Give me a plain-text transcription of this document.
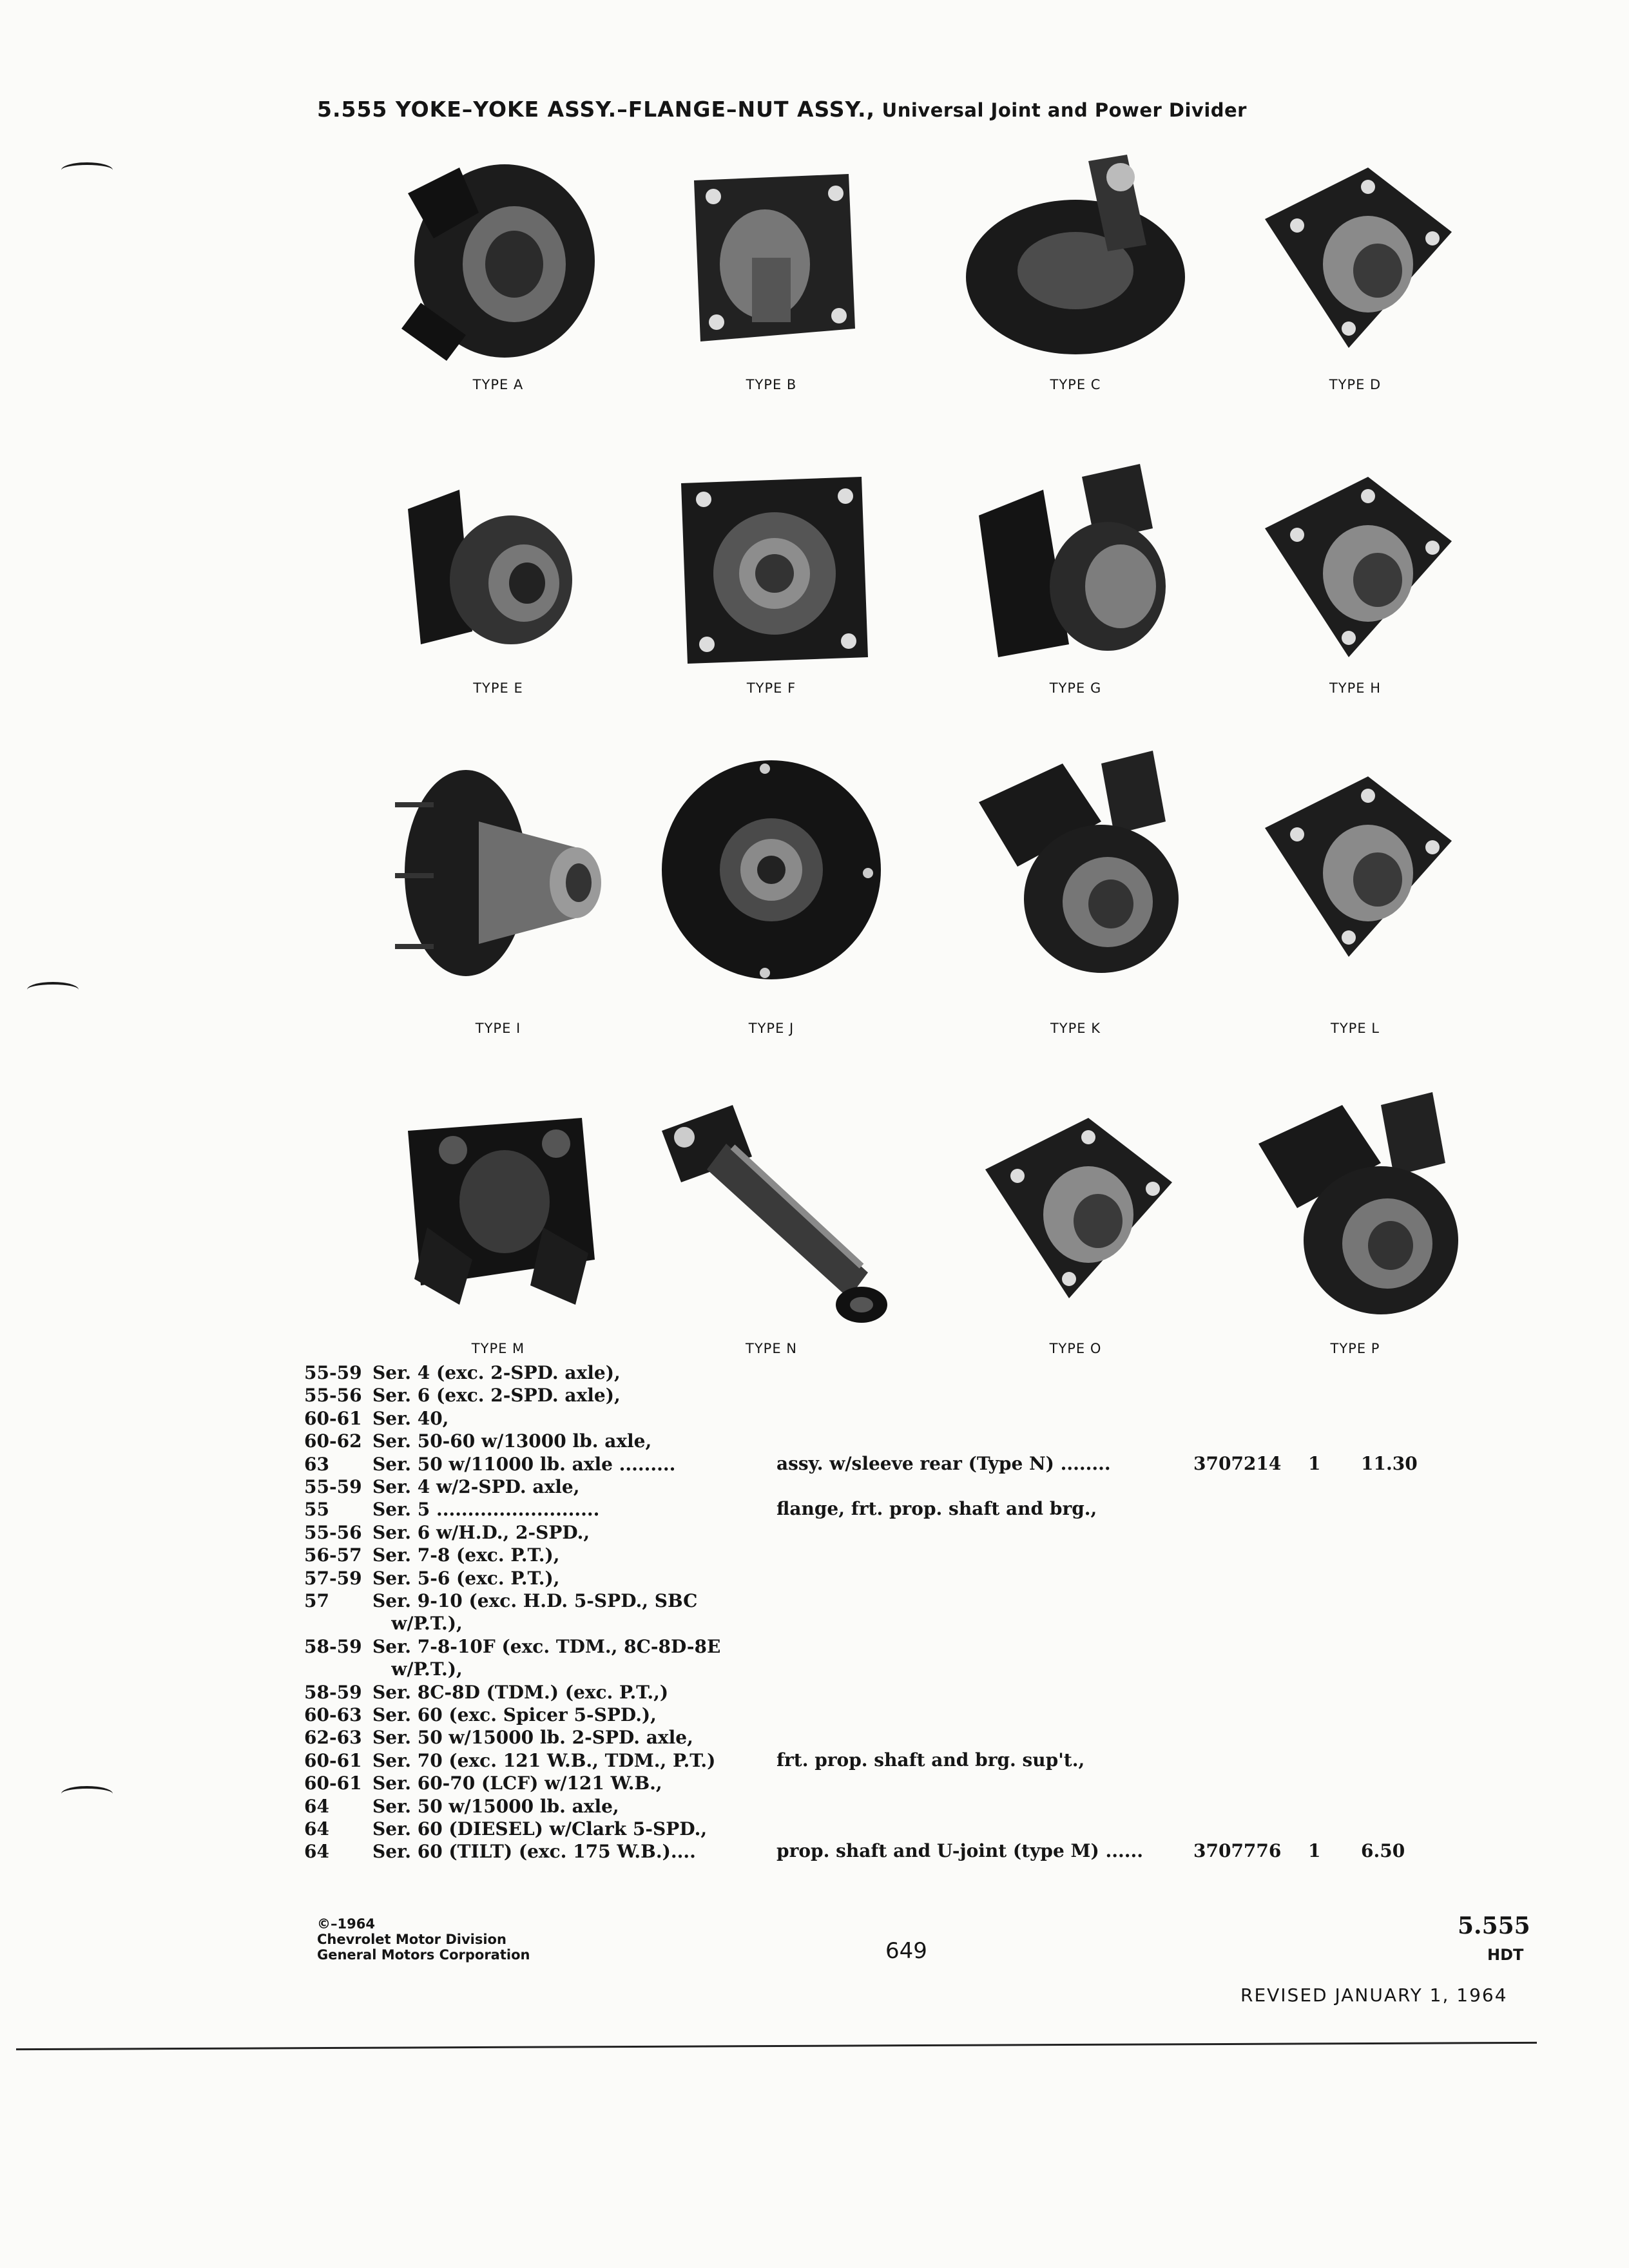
5.555 YOKE–YOKE ASSY.–FLANGE–NUT ASSY., Universal Joint and Power Divider
TYPE A	TYPE B	TYPE C	TYPE D
TYPE E	TYPE F	TYPE G	TYPE H
TYPE I	TYPE J	TYPE K	TYPE L
TYPE M	TYPE N	TYPE O	TYPE P
55-59 Ser. 4 (exc. 2-SPD. axle),
55-56 Ser. 6 (exc. 2-SPD. axle),
60-61 Ser. 40,
60-62 Ser. 50-60 w/13000 lb. axle,
63 Ser. 50 w/11000 lb. axle .........	assy. w/sleeve rear (Type N) ........	3707214 1 11.30
55-59 Ser. 4 w/2-SPD. axle,
55 Ser. 5 ..........................	flange, frt. prop. shaft and brg.,
55-56 Ser. 6 w/H.D., 2-SPD.,
56-57 Ser. 7-8 (exc. P.T.),
57-59 Ser. 5-6 (exc. P.T.),
57 Ser. 9-10 (exc. H.D. 5-SPD., SBC
w/P.T.),
58-59 Ser. 7-8-10F (exc. TDM., 8C-8D-8E
w/P.T.),
58-59 Ser. 8C-8D (TDM.) (exc. P.T.,)
60-63 Ser. 60 (exc. Spicer 5-SPD.),
62-63 Ser. 50 w/15000 lb. 2-SPD. axle,
60-61 Ser. 70 (exc. 121 W.B., TDM., P.T.)	frt. prop. shaft and brg. sup't.,
60-61 Ser. 60-70 (LCF) w/121 W.B.,
64 Ser. 50 w/15000 lb. axle,
64 Ser. 60 (DIESEL) w/Clark 5-SPD.,
64 Ser. 60 (TILT) (exc. 175 W.B.)....	prop. shaft and U-joint (type M) ......	3707776 1 6.50
©–1964
Chevrolet Motor Division
General Motors Corporation	649
5.555
HDT
REVISED JANUARY 1, 1964
